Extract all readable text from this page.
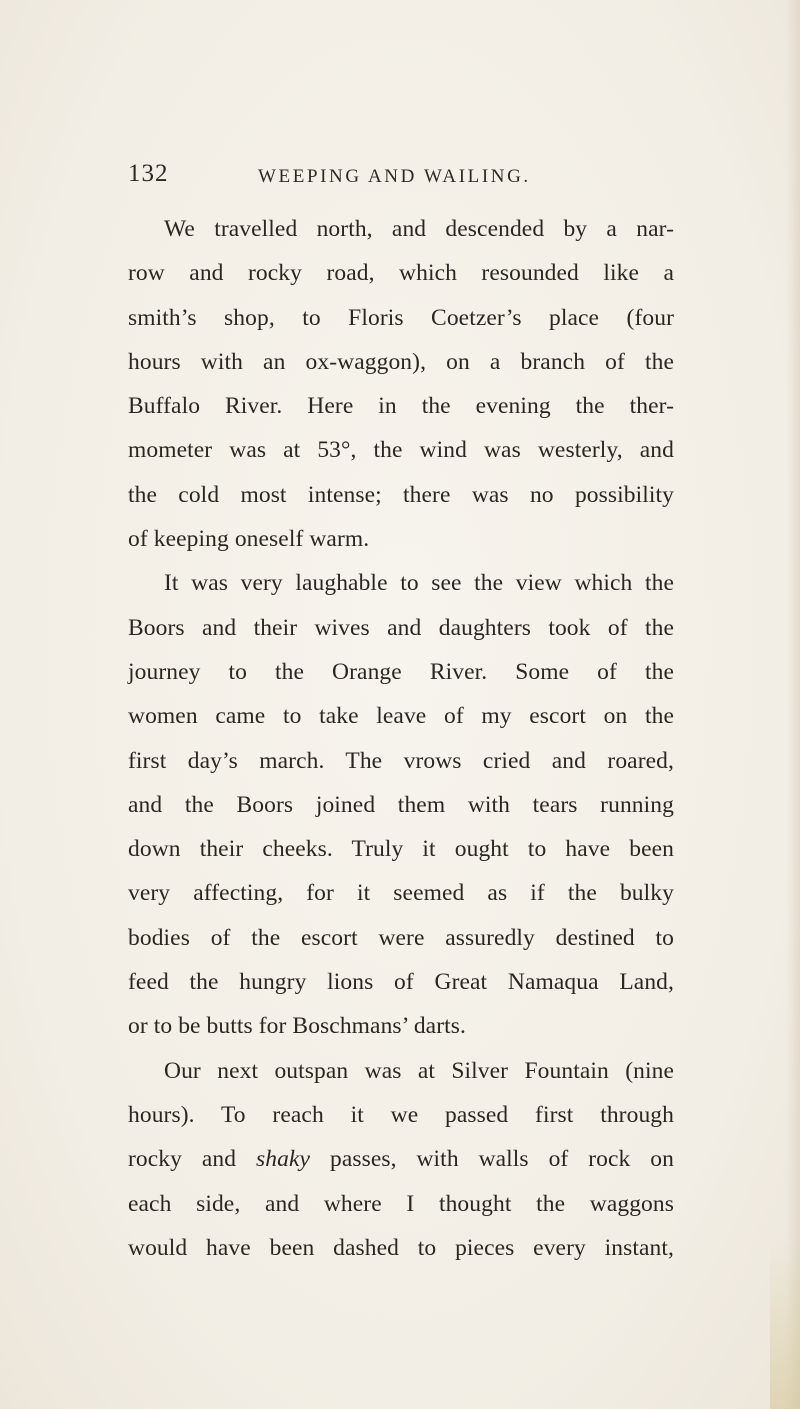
132	WEEPING AND WAILING.
We travelled north, and descended by a nar-
row and rocky road, which resounded like a
smith’s shop, to Floris Coetzer’s place (four
hours with an ox-waggon), on a branch of the
Buffalo River. Here in the evening the ther-
mometer was at 53°, the wind was westerly, and
the cold most intense; there was no possibility
of keeping oneself warm.
It was very laughable to see the view which the
Boors and their wives and daughters took of the
journey to the Orange River. Some of the
women came to take leave of my escort on the
first day’s march. The vrows cried and roared,
and the Boors joined them with tears running
down their cheeks. Truly it ought to have been
very affecting, for it seemed as if the bulky
bodies of the escort were assuredly destined to
feed the hungry lions of Great Namaqua Land,
or to be butts for Boschmans’ darts.
Our next outspan was at Silver Fountain (nine
hours). To reach it we passed first through
rocky and shaky passes, with walls of rock on
each side, and where I thought the waggons
would have been dashed to pieces every instant,
